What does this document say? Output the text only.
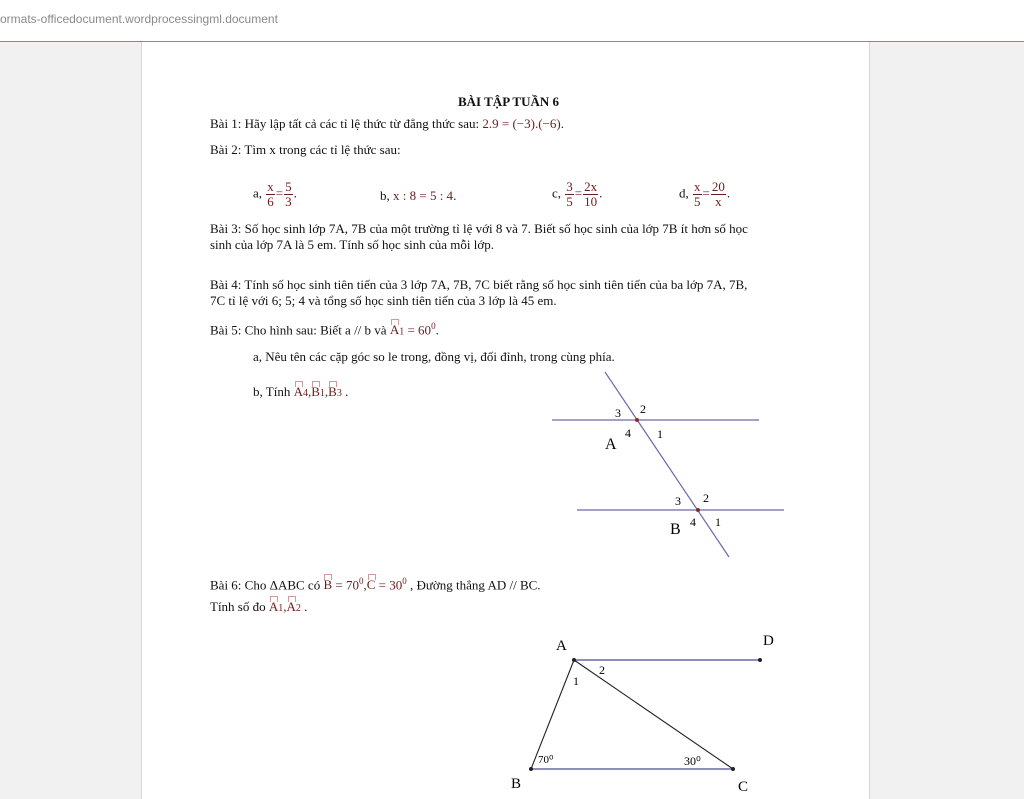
ormats-officedocument.wordprocessingml.document
BÀI TẬP TUẦN 6
Bài 1: Hãy lập tất cả các tỉ lệ thức từ đẳng thức sau: 2.9 = (−3).(−6).
Bài 2: Tìm x trong các tỉ lệ thức sau:
a, $\frac{x}{6} = \frac{5}{3}$ .	b, x : 8 = 5 : 4.	c, $\frac{3}{5} = \frac{2x}{10}$ .	d, $\frac{x}{5} = \frac{20}{x}$ .
Bài 3: Số học sinh lớp 7A, 7B của một trường tỉ lệ với 8 và 7. Biết số học sinh của lớp 7B ít hơn số học
sinh của lớp 7A là 5 em. Tính số học sinh của mỗi lớp.
Bài 4: Tính số học sinh tiên tiến của 3 lớp 7A, 7B, 7C biết rằng số học sinh tiên tiến của ba lớp 7A, 7B,
7C tỉ lệ với 6; 5; 4 và tổng số học sinh tiên tiến của 3 lớp là 45 em.
Bài 5: Cho hình sau: Biết a // b và $A1 = 60^0$.
a, Nêu tên các cặp góc so le trong, đồng vị, đối đỉnh, trong cùng phía.
b, Tính A4,B1,B3 .
A
1
2
3
4
B	1
2
3
4
Bài 6: Cho ΔABC có $B = 70^0,C = 30^0$ , Đường thẳng AD // BC.
Tính số đo A1,A2 .
A	D
B	C
1
2
70⁰	30⁰
